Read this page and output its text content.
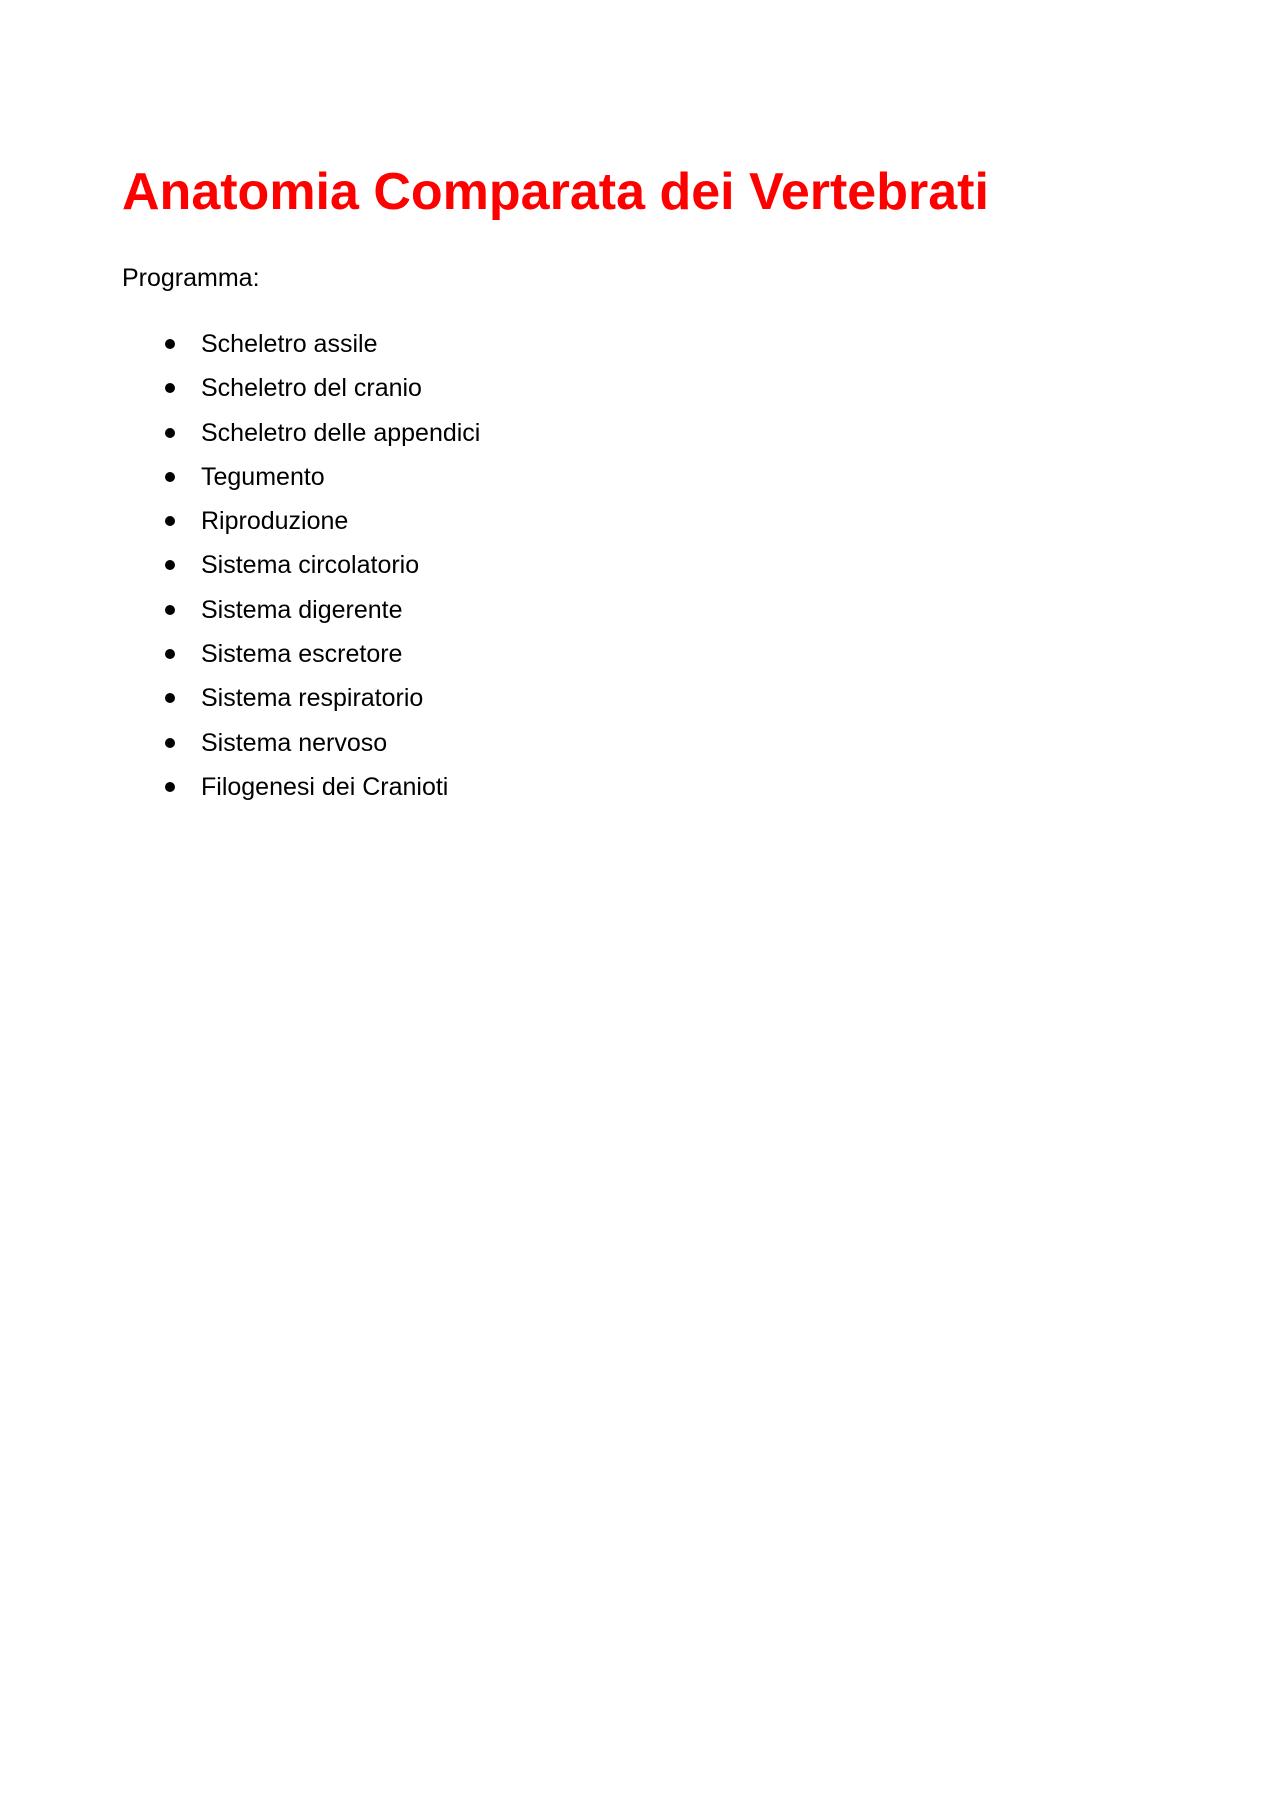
Anatomia Comparata dei Vertebrati

Programma:

Scheletro assile
Scheletro del cranio
Scheletro delle appendici
Tegumento
Riproduzione
Sistema circolatorio
Sistema digerente
Sistema escretore
Sistema respiratorio
Sistema nervoso
Filogenesi dei Cranioti
